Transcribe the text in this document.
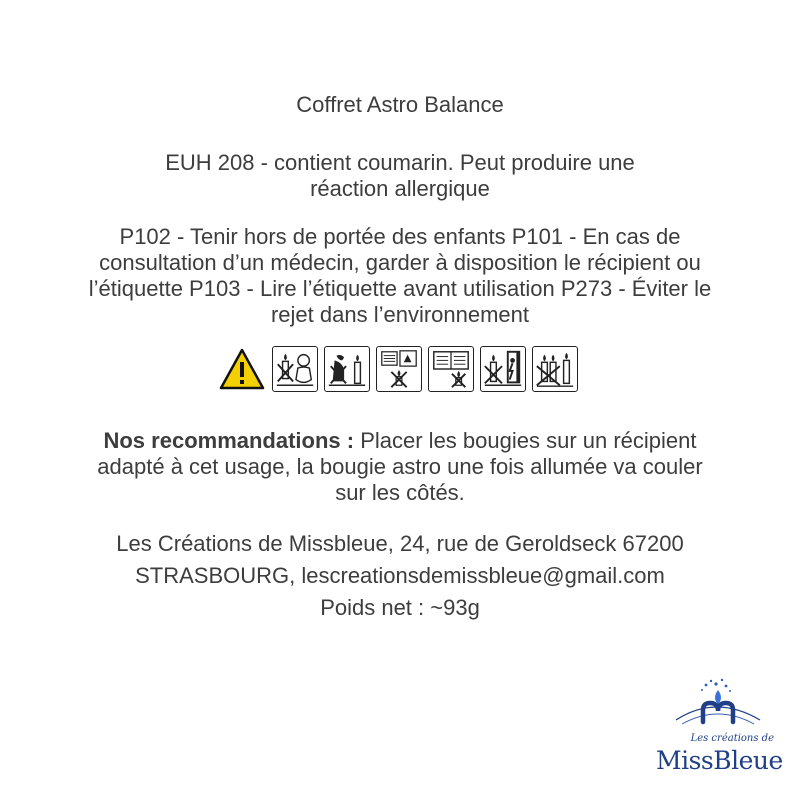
Coffret Astro Balance
EUH 208 - contient coumarin. Peut produire une
réaction allergique
P102 - Tenir hors de portée des enfants P101 - En cas de
consultation d’un médecin, garder à disposition le récipient ou
l’étiquette P103 - Lire l’étiquette avant utilisation P273 - Éviter le
rejet dans l’environnement
Nos recommandations : Placer les bougies sur un récipient
adapté à cet usage, la bougie astro une fois allumée va couler
sur les côtés.
Les Créations de Missbleue, 24, rue de Geroldseck 67200
STRASBOURG, lescreationsdemissbleue@gmail.com
Poids net : ~93g
Les créations de
MissBleue
